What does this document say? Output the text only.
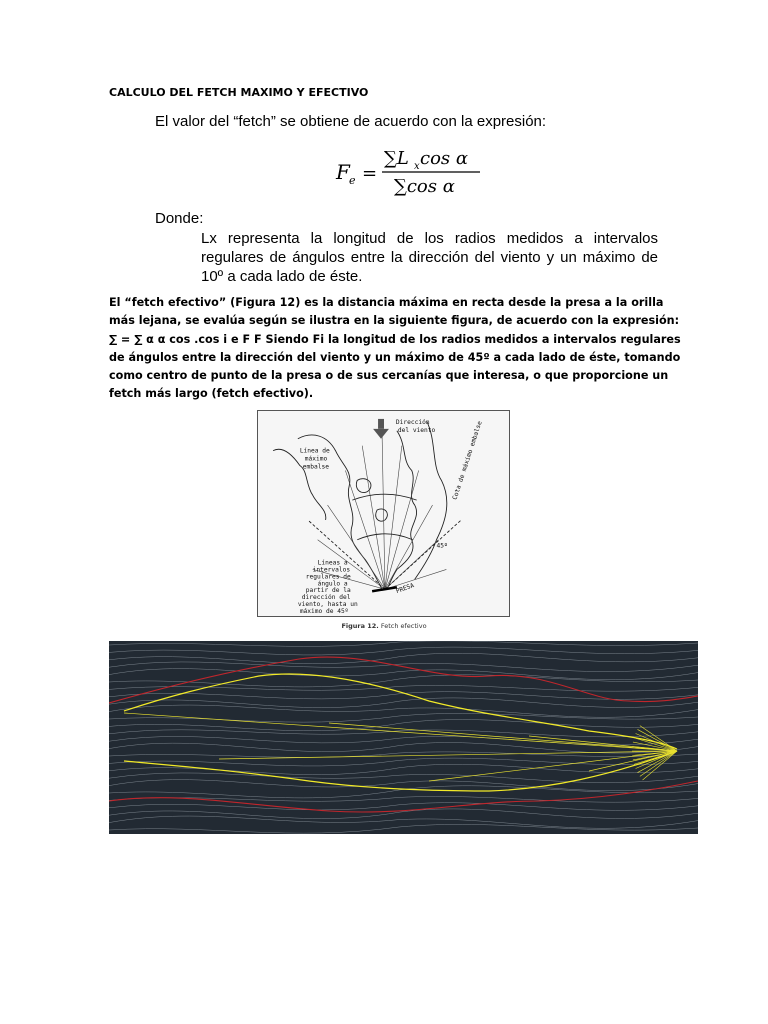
CALCULO DEL FETCH MAXIMO Y EFECTIVO
El valor del “fetch” se obtiene de acuerdo con la expresión:
F e =
∑L x cos α
∑cos α
Donde:
Lx representa la longitud de los radios medidos a intervalos regulares de ángulos entre la dirección del viento y un máximo de 10º a cada lado de éste.
El “fetch efectivo” (Figura 12) es la distancia máxima en recta desde la presa a la orilla más lejana, se evalúa según se ilustra en la siguiente figura, de acuerdo con la expresión: ∑ = ∑ α α cos .cos i e F F Siendo Fi la longitud de los radios medidos a intervalos regulares de ángulos entre la dirección del viento y un máximo de 45º a cada lado de éste, tomando como centro de punto de la presa o de sus cercanías que interesa, o que proporcione un fetch más largo (fetch efectivo).
Dirección
del viento
Línea de
máximo
embalse	Cota de máximo embalse
Líneas a
intervalos
regulares de
ángulo a
partir de la
dirección del
viento, hasta un
máximo de 45º
PRESA
45º
Figura 12. Fetch efectivo
